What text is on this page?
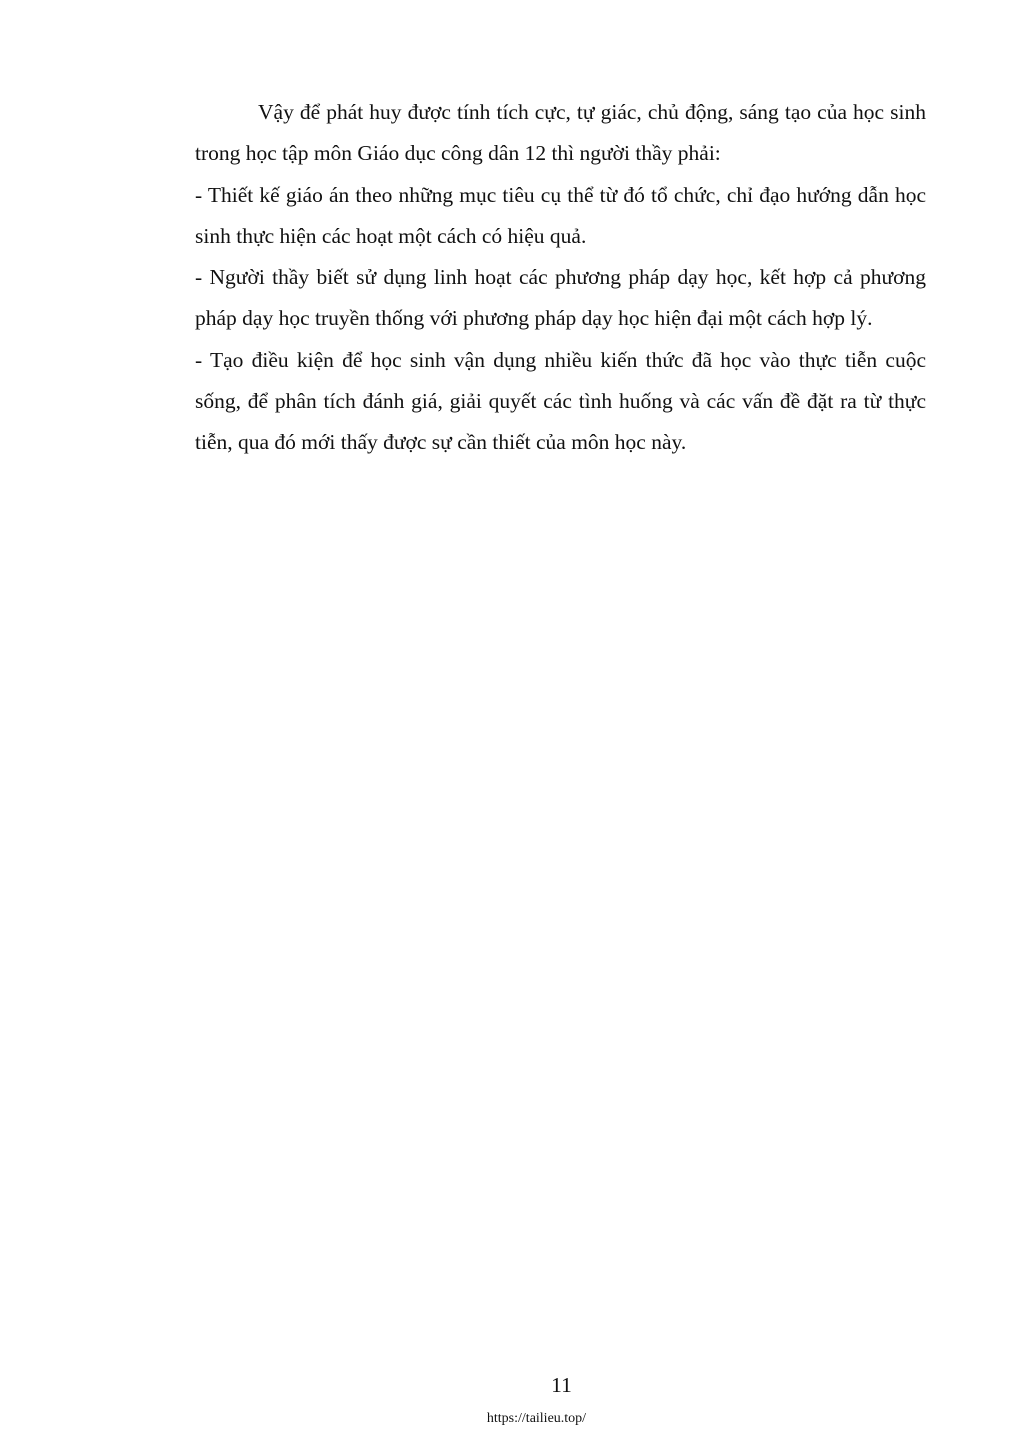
Vậy để phát huy được tính tích cực, tự giác, chủ động, sáng tạo của học sinh trong học tập môn Giáo dục công dân 12 thì người thầy phải:

- Thiết kế giáo án theo những mục tiêu cụ thể từ đó tổ chức, chỉ đạo hướng dẫn học sinh thực hiện các hoạt một cách có hiệu quả.

- Người thầy biết sử dụng linh hoạt các phương pháp dạy học, kết hợp cả phương pháp dạy học truyền thống với phương pháp dạy học hiện đại một cách hợp lý.

- Tạo điều kiện để học sinh vận dụng nhiều kiến thức đã học vào thực tiễn cuộc sống, để phân tích đánh giá, giải quyết các tình huống và các vấn đề đặt ra từ thực tiễn, qua đó mới thấy được sự cần thiết của môn học này.

11
https://tailieu.top/
